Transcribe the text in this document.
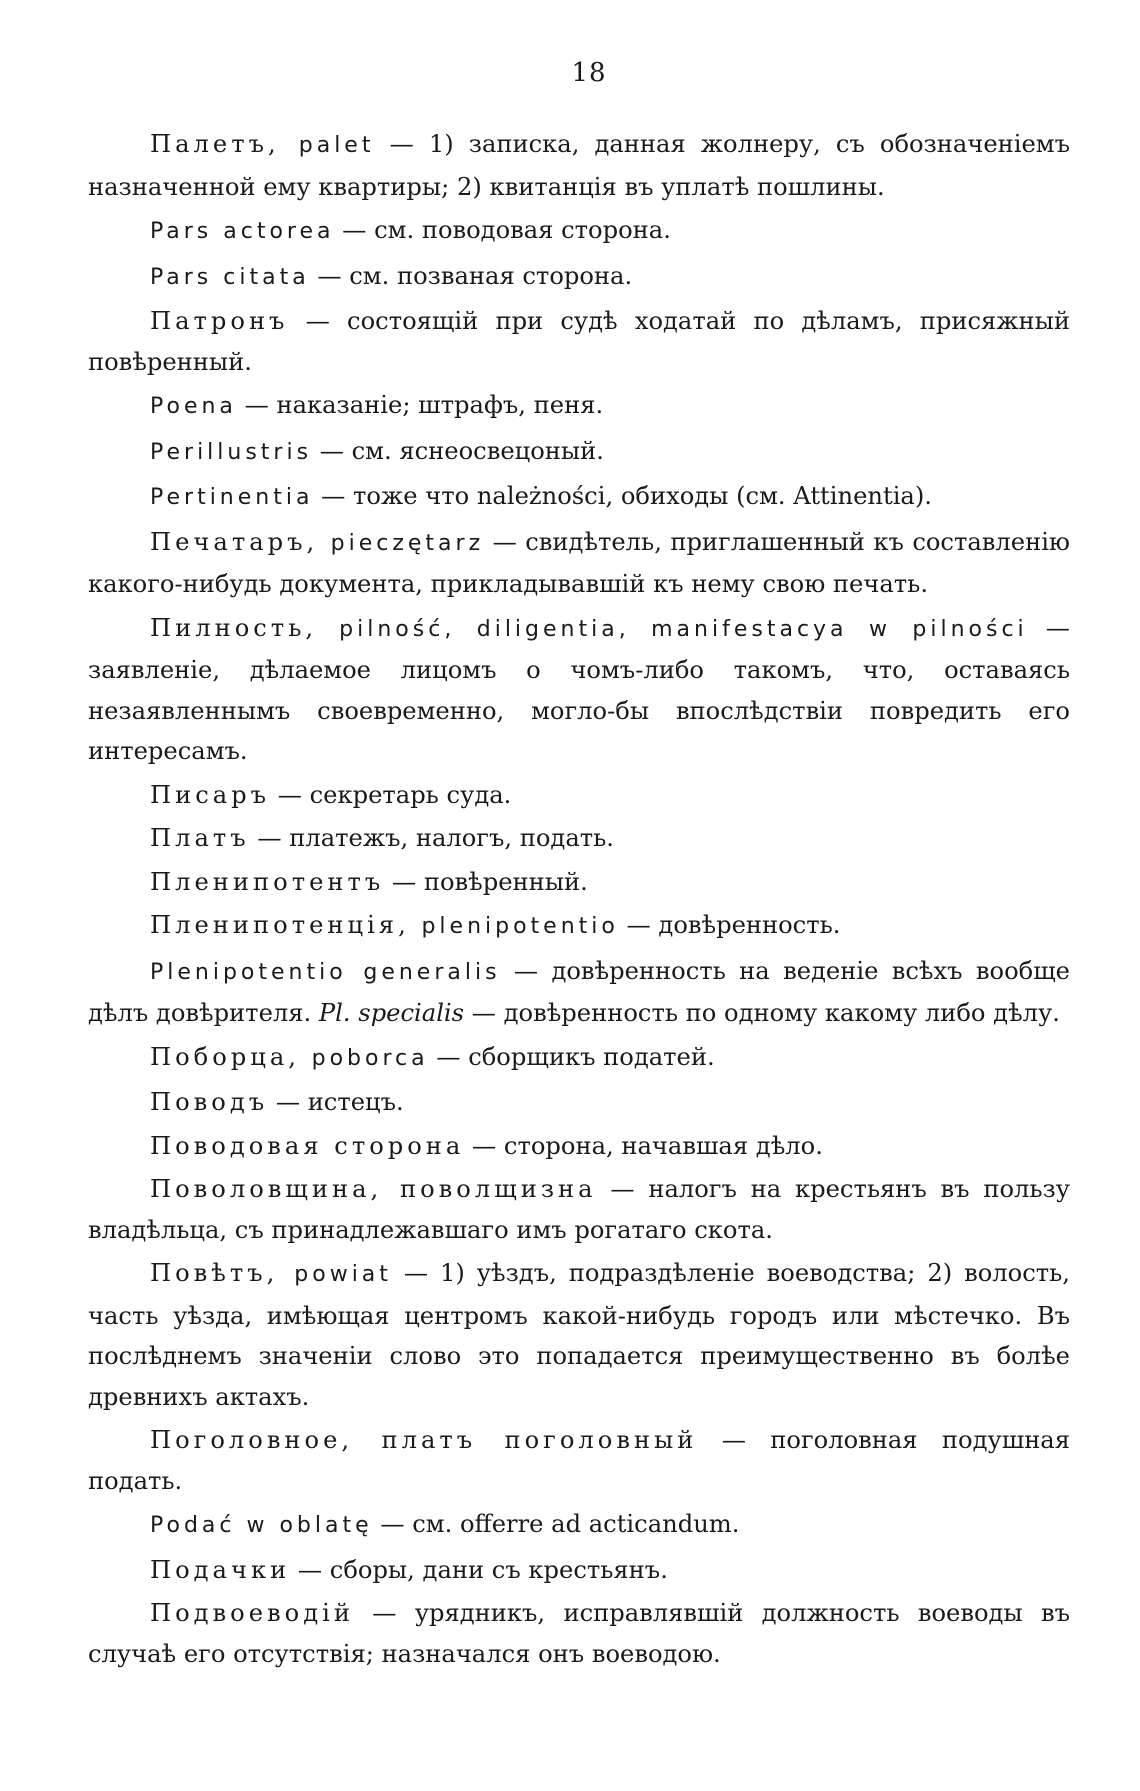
18

Палетъ, palet — 1) записка, данная жолнеру, съ обозначеніемъ назначенной ему квартиры; 2) квитанція въ уплатѣ пошлины.

Pars actorea — см. поводовая сторона.

Pars citata — см. позваная сторона.

Патронъ — состоящій при судѣ ходатай по дѣламъ, присяжный повѣренный.

Poena — наказаніе; штрафъ, пеня.

Perillustris — см. яснеосвецоный.

Pertinentia — тоже что należności, обиходы (см. Attinentia).

Печатаръ, pieczętarz — свидѣтель, приглашенный къ составленію какого-нибудь документа, прикладывавшій къ нему свою печать.

Пилность, pilność, diligentia, manifestacya w pilności — заявленіе, дѣлаемое лицомъ о чомъ-либо такомъ, что, оставаясь незаявленнымъ своевременно, могло-бы впослѣдствіи повредить его интересамъ.

Писаръ — секретарь суда.

Платъ — платежъ, налогъ, подать.

Пленипотентъ — повѣренный.

Пленипотенція, plenipotentio — довѣренность.

Plenipotentio generalis — довѣренность на веденіе всѣхъ вообще дѣлъ довѣрителя. Pl. specialis — довѣренность по одному какому либо дѣлу.

Поборца, poborca — сборщикъ податей.

Поводъ — истецъ.

Поводовая сторона — сторона, начавшая дѣло.

Поволовщина, поволщизна — налогъ на крестьянъ въ пользу владѣльца, съ принадлежавшаго имъ рогатаго скота.

Повѣтъ, powiat — 1) уѣздъ, подраздѣленіе воеводства; 2) волость, часть уѣзда, имѣющая центромъ какой-нибудь городъ или мѣстечко. Въ послѣднемъ значеніи слово это попадается преимущественно въ болѣе древнихъ актахъ.

Поголовное, платъ поголовный — поголовная подушная подать.

Podać w oblatę — см. offerre ad acticandum.

Подачки — сборы, дани съ крестьянъ.

Подвоеводій — урядникъ, исправлявшій должность воеводы въ случаѣ его отсутствія; назначался онъ воеводою.
